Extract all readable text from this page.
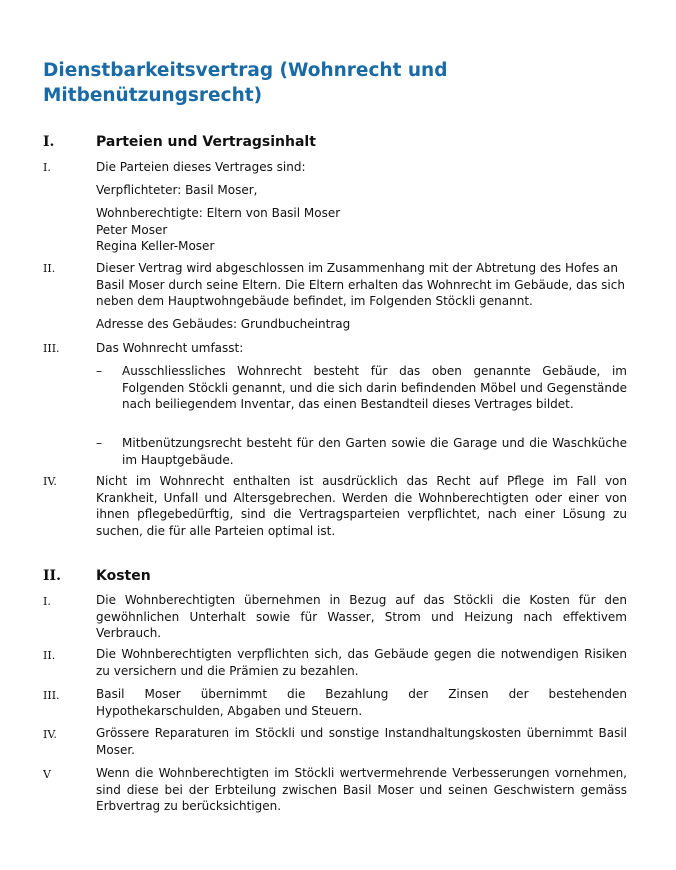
Dienstbarkeitsvertrag (Wohnrecht und
Mitbenützungsrecht)
I.	Parteien und Vertragsinhalt
I.	Die Parteien dieses Vertrages sind:
Verpflichteter: Basil Moser,
Wohnberechtigte: Eltern von Basil Moser
Peter Moser
Regina Keller-Moser
II.	Dieser Vertrag wird abgeschlossen im Zusammenhang mit der Abtretung des Hofes an Basil Moser durch seine Eltern. Die Eltern erhalten das Wohnrecht im Gebäude, das sich neben dem Hauptwohngebäude befindet, im Folgenden Stöckli genannt.
Adresse des Gebäudes: Grundbucheintrag
III.	Das Wohnrecht umfasst:
– Ausschliessliches Wohnrecht besteht für das oben genannte Gebäude, im Folgenden Stöckli genannt, und die sich darin befindenden Möbel und Gegenstände nach beiliegendem Inventar, das einen Bestandteil dieses Vertrages bildet.
– Mitbenützungsrecht besteht für den Garten sowie die Garage und die Waschküche im Hauptgebäude.
IV.	Nicht im Wohnrecht enthalten ist ausdrücklich das Recht auf Pflege im Fall von Krankheit, Unfall und Altersgebrechen. Werden die Wohnberechtigten oder einer von ihnen pflegebedürftig, sind die Vertragsparteien verpflichtet, nach einer Lösung zu suchen, die für alle Parteien optimal ist.
II.	Kosten
I.	Die Wohnberechtigten übernehmen in Bezug auf das Stöckli die Kosten für den gewöhnlichen Unterhalt sowie für Wasser, Strom und Heizung nach effektivem Verbrauch.
II.	Die Wohnberechtigten verpflichten sich, das Gebäude gegen die notwendigen Risiken zu versichern und die Prämien zu bezahlen.
III.	Basil Moser übernimmt die Bezahlung der Zinsen der bestehenden Hypothekarschulden, Abgaben und Steuern.
IV.	Grössere Reparaturen im Stöckli und sonstige Instandhaltungskosten übernimmt Basil Moser.
V	Wenn die Wohnberechtigten im Stöckli wertvermehrende Verbesserungen vornehmen, sind diese bei der Erbteilung zwischen Basil Moser und seinen Geschwistern gemäss Erbvertrag zu berücksichtigen.
